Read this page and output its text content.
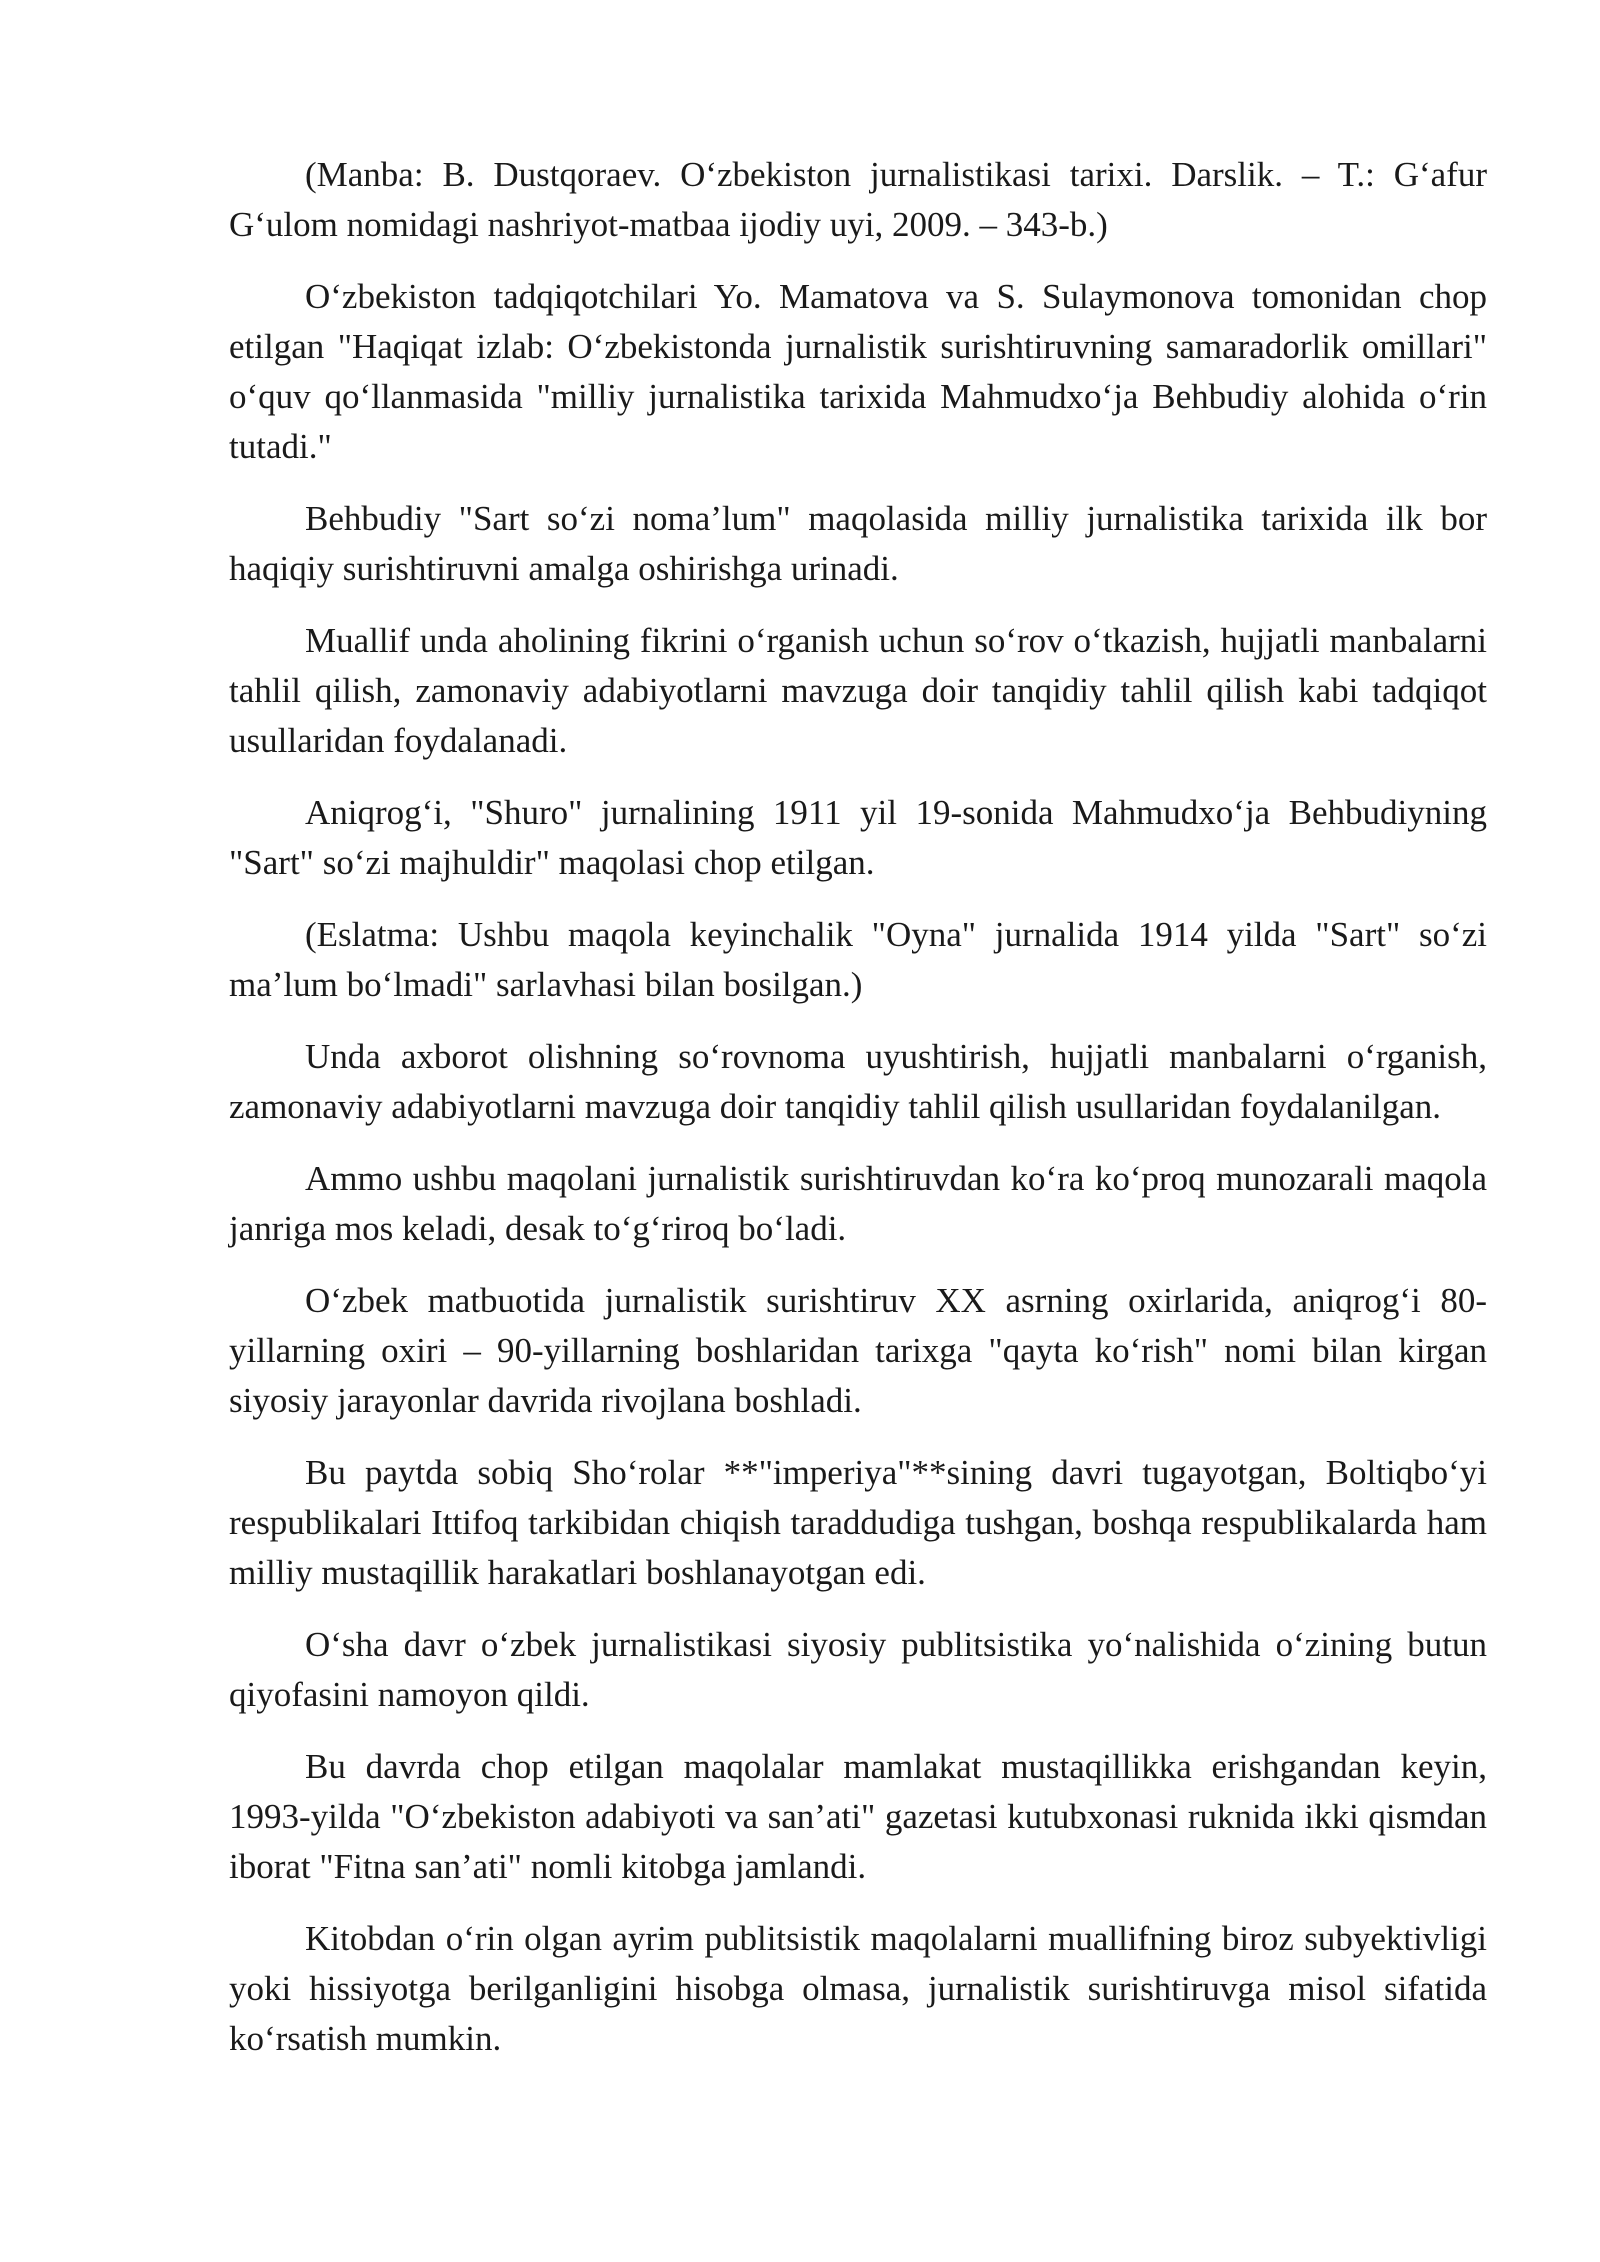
(Manba: B. Dustqoraev. O‘zbekiston jurnalistikasi tarixi. Darslik. – T.: G‘afur G‘ulom nomidagi nashriyot-matbaa ijodiy uyi, 2009. – 343-b.)

O‘zbekiston tadqiqotchilari Yo. Mamatova va S. Sulaymonova tomonidan chop etilgan "Haqiqat izlab: O‘zbekistonda jurnalistik surishtiruvning samaradorlik omillari" o‘quv qo‘llanmasida "milliy jurnalistika tarixida Mahmudxo‘ja Behbudiy alohida o‘rin tutadi."

Behbudiy "Sart so‘zi noma’lum" maqolasida milliy jurnalistika tarixida ilk bor haqiqiy surishtiruvni amalga oshirishga urinadi.

Muallif unda aholining fikrini o‘rganish uchun so‘rov o‘tkazish, hujjatli manbalarni tahlil qilish, zamonaviy adabiyotlarni mavzuga doir tanqidiy tahlil qilish kabi tadqiqot usullaridan foydalanadi.

Aniqrog‘i, "Shuro" jurnalining 1911 yil 19-sonida Mahmudxo‘ja Behbudiyning "Sart" so‘zi majhuldir" maqolasi chop etilgan.

(Eslatma: Ushbu maqola keyinchalik "Oyna" jurnalida 1914 yilda "Sart" so‘zi ma’lum bo‘lmadi" sarlavhasi bilan bosilgan.)

Unda axborot olishning so‘rovnoma uyushtirish, hujjatli manbalarni o‘rganish, zamonaviy adabiyotlarni mavzuga doir tanqidiy tahlil qilish usullaridan foydalanilgan.

Ammo ushbu maqolani jurnalistik surishtiruvdan ko‘ra ko‘proq munozarali maqola janriga mos keladi, desak to‘g‘riroq bo‘ladi.

O‘zbek matbuotida jurnalistik surishtiruv XX asrning oxirlarida, aniqrog‘i 80-yillarning oxiri – 90-yillarning boshlaridan tarixga "qayta ko‘rish" nomi bilan kirgan siyosiy jarayonlar davrida rivojlana boshladi.

Bu paytda sobiq Sho‘rolar **"imperiya"**sining davri tugayotgan, Boltiqbo‘yi respublikalari Ittifoq tarkibidan chiqish taraddudiga tushgan, boshqa respublikalarda ham milliy mustaqillik harakatlari boshlanayotgan edi.

O‘sha davr o‘zbek jurnalistikasi siyosiy publitsistika yo‘nalishida o‘zining butun qiyofasini namoyon qildi.

Bu davrda chop etilgan maqolalar mamlakat mustaqillikka erishgandan keyin, 1993-yilda "O‘zbekiston adabiyoti va san’ati" gazetasi kutubxonasi ruknida ikki qismdan iborat "Fitna san’ati" nomli kitobga jamlandi.

Kitobdan o‘rin olgan ayrim publitsistik maqolalarni muallifning biroz subyektivligi yoki hissiyotga berilganligini hisobga olmasa, jurnalistik surishtiruvga misol sifatida ko‘rsatish mumkin.
